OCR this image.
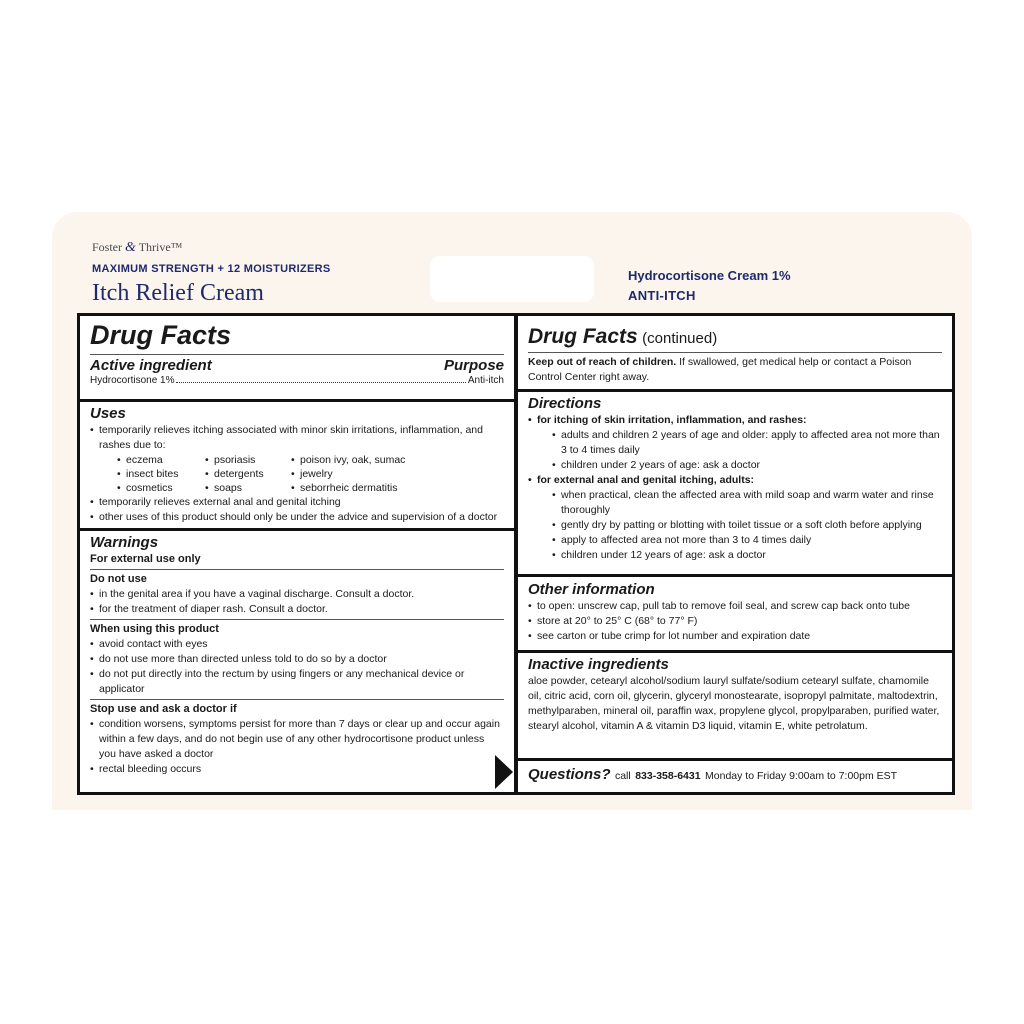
Foster & Thrive™
MAXIMUM STRENGTH + 12 MOISTURIZERS
Itch Relief Cream
Hydrocortisone Cream 1%
ANTI-ITCH
Drug Facts
Active ingredient	Purpose
Hydrocortisone 1%	Anti-itch
Uses
• temporarily relieves itching associated with minor skin irritations, inflammation, and rashes due to:
• eczema	• psoriasis	• poison ivy, oak, sumac
• insect bites	• detergents	• jewelry
• cosmetics	• soaps	• seborrheic dermatitis
• temporarily relieves external anal and genital itching
• other uses of this product should only be under the advice and supervision of a doctor
Warnings
For external use only
Do not use
• in the genital area if you have a vaginal discharge. Consult a doctor.
• for the treatment of diaper rash. Consult a doctor.
When using this product
• avoid contact with eyes
• do not use more than directed unless told to do so by a doctor
• do not put directly into the rectum by using fingers or any mechanical device or applicator
Stop use and ask a doctor if
• condition worsens, symptoms persist for more than 7 days or clear up and occur again within a few days, and do not begin use of any other hydrocortisone product unless you have asked a doctor
• rectal bleeding occurs
Drug Facts (continued)
Keep out of reach of children. If swallowed, get medical help or contact a Poison Control Center right away.
Directions
• for itching of skin irritation, inflammation, and rashes:
• adults and children 2 years of age and older: apply to affected area not more than 3 to 4 times daily
• children under 2 years of age: ask a doctor
• for external anal and genital itching, adults:
• when practical, clean the affected area with mild soap and warm water and rinse thoroughly
• gently dry by patting or blotting with toilet tissue or a soft cloth before applying
• apply to affected area not more than 3 to 4 times daily
• children under 12 years of age: ask a doctor
Other information
• to open: unscrew cap, pull tab to remove foil seal, and screw cap back onto tube
• store at 20° to 25° C (68° to 77° F)
• see carton or tube crimp for lot number and expiration date
Inactive ingredients
aloe powder, cetearyl alcohol/sodium lauryl sulfate/sodium cetearyl sulfate, chamomile oil, citric acid, corn oil, glycerin, glyceryl monostearate, isopropyl palmitate, maltodextrin, methylparaben, mineral oil, paraffin wax, propylene glycol, propylparaben, purified water, stearyl alcohol, vitamin A & vitamin D3 liquid, vitamin E, white petrolatum.
Questions? call 833-358-6431 Monday to Friday 9:00am to 7:00pm EST
